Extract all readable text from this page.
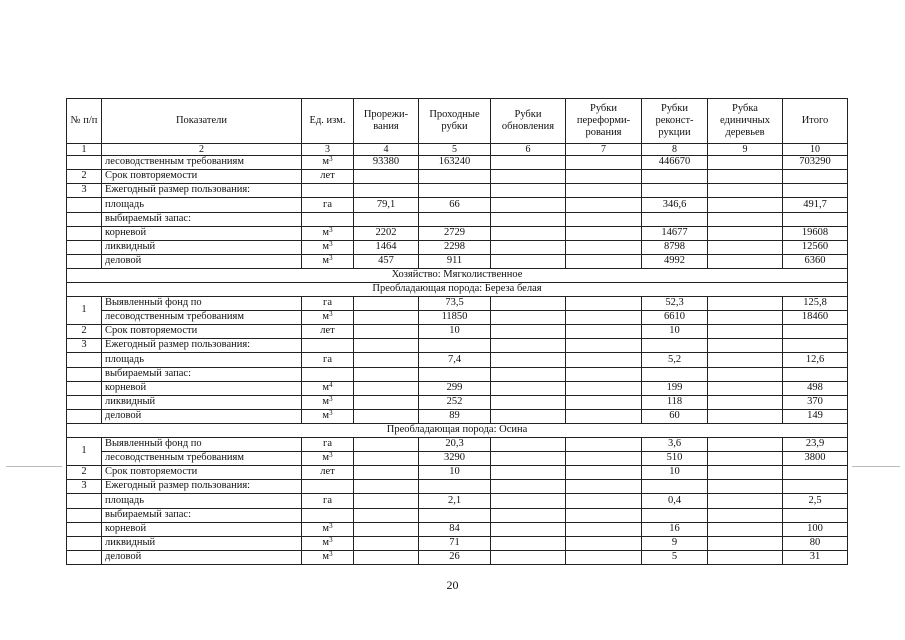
№ п/п	Показатели	Ед. изм.	Прорежи-вания	Проходные рубки	Рубки обновления	Рубки переформи-рования	Рубки реконст-рукции	Рубка единичных деревьев	Итого
1	2	3	4	5	6	7	8	9	10
	лесоводственным требованиям	$м^3$	93380	163240			446670		703290
2	Срок повторяемости	лет							
3	Ежегодный размер пользования:								
	площадь	га	79,1	66			346,6		491,7
	выбираемый запас:								
	корневой	$м^3$	2202	2729			14677		19608
	ликвидный	$м^3$	1464	2298			8798		12560
	деловой	$м^3$	457	911			4992		6360
Хозяйство: Мягколиственное									
Преобладающая порода: Береза белая									
1	Выявленный фонд по	га		73,5			52,3		125,8
	лесоводственным требованиям	$м^3$		11850			6610		18460
2	Срок повторяемости	лет		10			10		
3	Ежегодный размер пользования:								
	площадь	га		7,4			5,2		12,6
	выбираемый запас:								
	корневой	$м^4$		299			199		498
	ликвидный	$м^3$		252			118		370
	деловой	$м^3$		89			60		149
Преобладающая порода: Осина									
1	Выявленный фонд по	га		20,3			3,6		23,9
	лесоводственным требованиям	$м^3$		3290			510		3800
2	Срок повторяемости	лет		10			10		
3	Ежегодный размер пользования:								
	площадь	га		2,1			0,4		2,5
	выбираемый запас:								
	корневой	$м^3$		84			16		100
	ликвидный	$м^3$		71			9		80
	деловой	$м^3$		26			5		31
20
